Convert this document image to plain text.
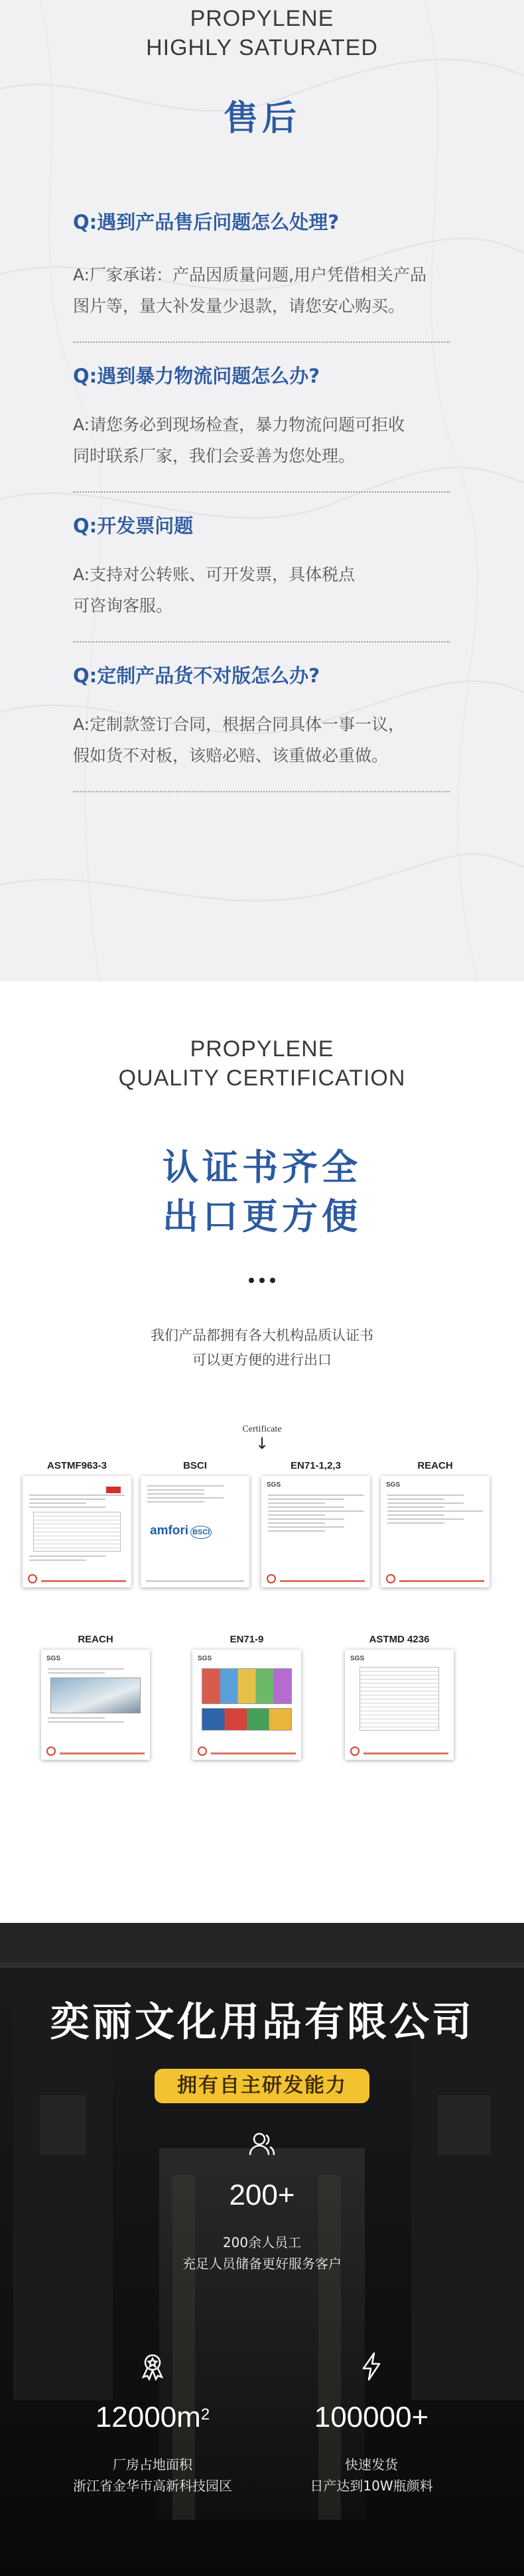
PROPYLENE
HIGHLY SATURATED
售后
Q:遇到产品售后问题怎么处理?
A:厂家承诺：产品因质量问题,用户凭借相关产品
图片等，量大补发量少退款，请您安心购买。
Q:遇到暴力物流问题怎么办?
A:请您务必到现场检查，暴力物流问题可拒收
同时联系厂家，我们会妥善为您处理。
Q:开发票问题
A:支持对公转账、可开发票，具体税点
可咨询客服。
Q:定制产品货不对版怎么办?
A:定制款签订合同，根据合同具体一事一议，
假如货不对板，该赔必赔、该重做必重做。
PROPYLENE
QUALITY CERTIFICATION
认证书齐全
出口更方便
我们产品都拥有各大机构品质认证书
可以更方便的进行出口
Certificate
↓
ASTMF963-3	BSCI
amfori BSCI
EN71-1,2,3
SGS
REACH
SGS
REACH
SGS
EN71-9
SGS
ASTMD 4236
SGS
奕丽文化用品有限公司
拥有自主研发能力
200+
200余人员工
充足人员储备更好服务客户
$12000m^2$
厂房占地面积
浙江省金华市高新科技园区
100000+
快速发货
日产达到10W瓶颜料
